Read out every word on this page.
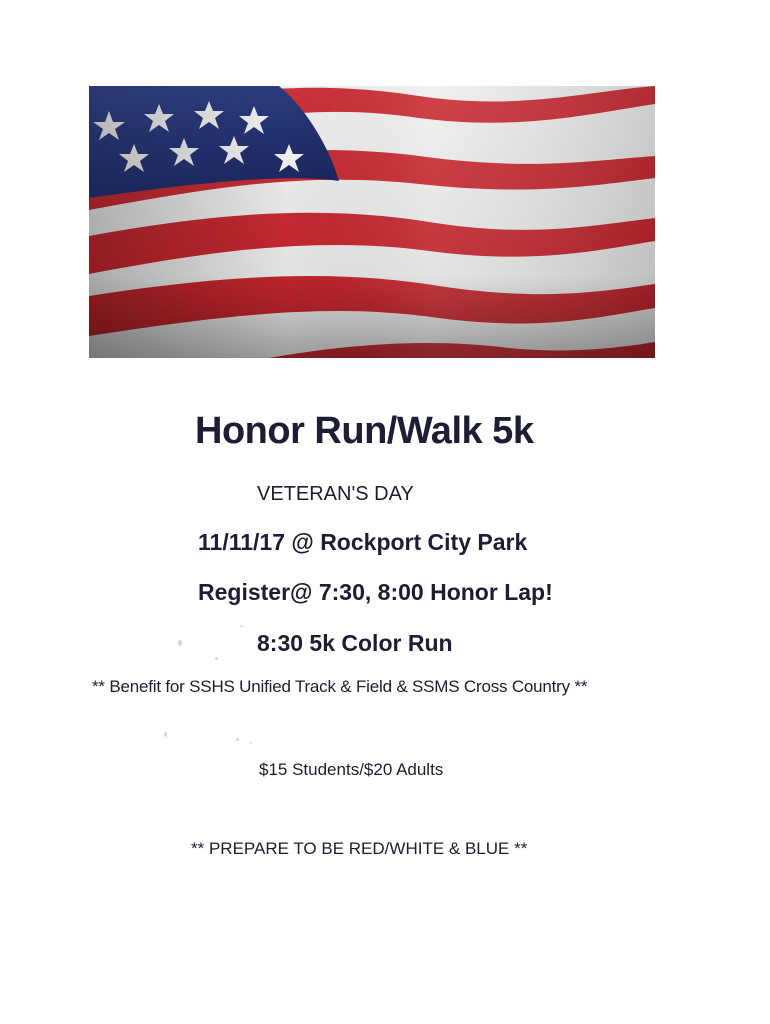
Honor Run/Walk 5k
VETERAN'S DAY
11/11/17 @ Rockport City Park
Register@ 7:30, 8:00 Honor Lap!
8:30 5k Color Run
** Benefit for SSHS Unified Track & Field & SSMS Cross Country **
$15 Students/$20 Adults
** PREPARE TO BE RED/WHITE & BLUE **
